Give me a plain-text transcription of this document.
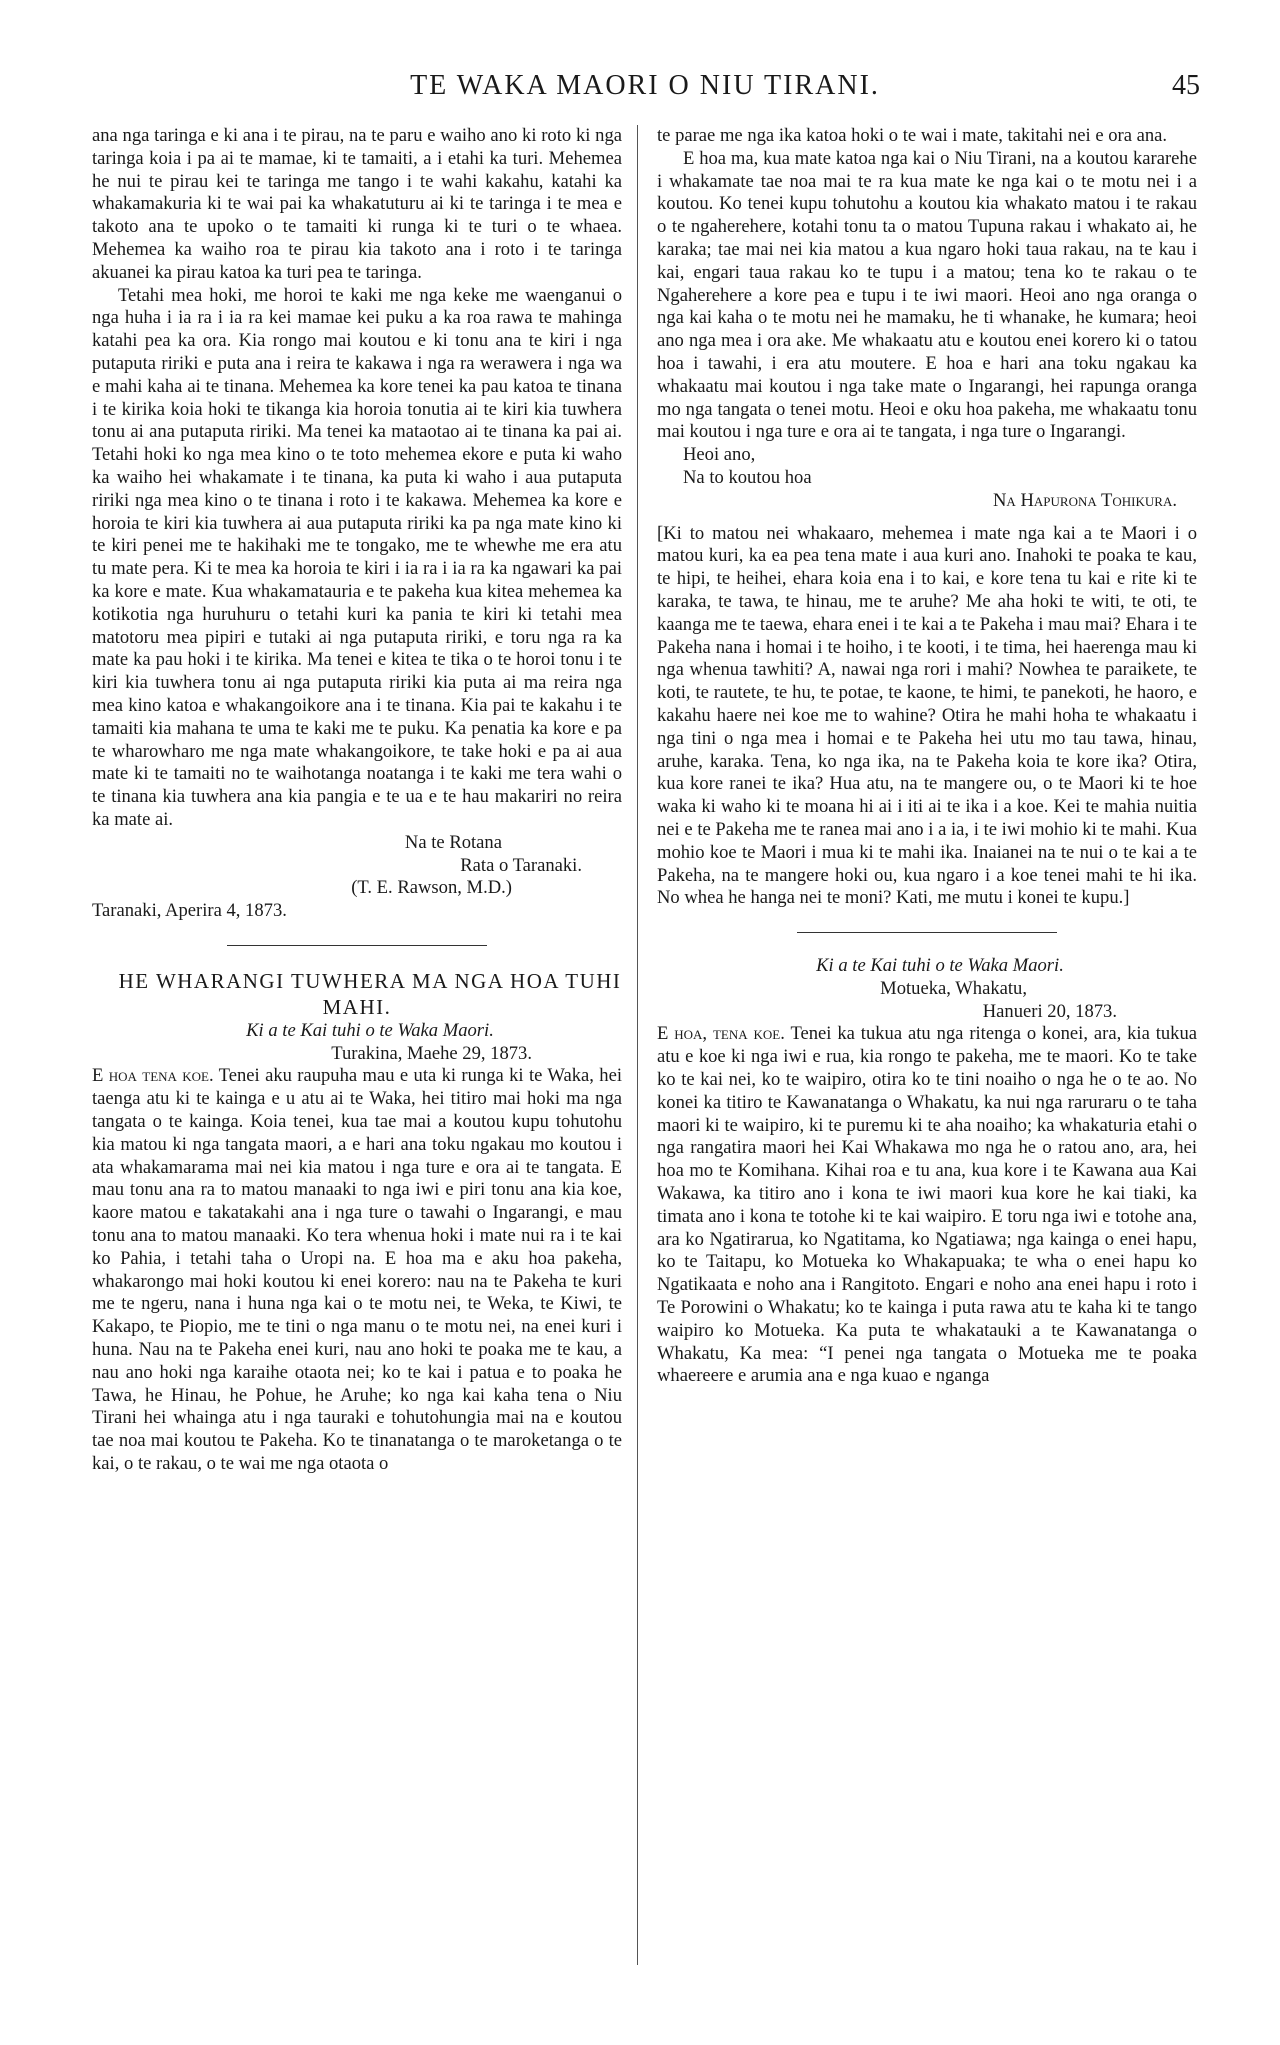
TE WAKA MAORI O NIU TIRANI.	45

ana nga taringa e ki ana i te pirau, na te paru e waiho ano ki roto ki nga taringa koia i pa ai te mamae, ki te tamaiti, a i etahi ka turi. Mehemea he nui te pirau kei te taringa me tango i te wahi kakahu, katahi ka whakamakuria ki te wai pai ka whakatuturu ai ki te taringa i te mea e takoto ana te upoko o te tamaiti ki runga ki te turi o te whaea. Mehemea ka waiho roa te pirau kia takoto ana i roto i te taringa akuanei ka pirau katoa ka turi pea te taringa.

Tetahi mea hoki, me horoi te kaki me nga keke me waenganui o nga huha i ia ra i ia ra kei mamae kei puku a ka roa rawa te mahinga katahi pea ka ora. Kia rongo mai koutou e ki tonu ana te kiri i nga putaputa ririki e puta ana i reira te kakawa i nga ra werawera i nga wa e mahi kaha ai te tinana. Mehemea ka kore tenei ka pau katoa te tinana i te kirika koia hoki te tikanga kia horoia tonutia ai te kiri kia tuwhera tonu ai ana putaputa ririki. Ma tenei ka mataotao ai te tinana ka pai ai. Tetahi hoki ko nga mea kino o te toto mehemea ekore e puta ki waho ka waiho hei whakamate i te tinana, ka puta ki waho i aua putaputa ririki nga mea kino o te tinana i roto i te kakawa. Mehemea ka kore e horoia te kiri kia tuwhera ai aua putaputa ririki ka pa nga mate kino ki te kiri penei me te hakihaki me te tongako, me te whewhe me era atu tu mate pera. Ki te mea ka horoia te kiri i ia ra i ia ra ka ngawari ka pai ka kore e mate. Kua whakamatauria e te pakeha kua kitea mehemea ka kotikotia nga huruhuru o tetahi kuri ka pania te kiri ki tetahi mea matotoru mea pipiri e tutaki ai nga putaputa ririki, e toru nga ra ka mate ka pau hoki i te kirika. Ma tenei e kitea te tika o te horoi tonu i te kiri kia tuwhera tonu ai nga putaputa ririki kia puta ai ma reira nga mea kino katoa e whakangoikore ana i te tinana. Kia pai te kakahu i te tamaiti kia mahana te uma te kaki me te puku. Ka penatia ka kore e pa te wharowharo me nga mate whakangoikore, te take hoki e pa ai aua mate ki te tamaiti no te waihotanga noatanga i te kaki me tera wahi o te tinana kia tuwhera ana kia pangia e te ua e te hau makariri no reira ka mate ai.

Na te Rotana

Rata o Taranaki.

(T. E. Rawson, M.D.)

Taranaki, Aperira 4, 1873.

HE WHARANGI TUWHERA MA NGA HOA TUHI MAHI.

Ki a te Kai tuhi o te Waka Maori.

Turakina, Maehe 29, 1873.

E hoa tena koe. Tenei aku raupuha mau e uta ki runga ki te Waka, hei taenga atu ki te kainga e u atu ai te Waka, hei titiro mai hoki ma nga tangata o te kainga. Koia tenei, kua tae mai a koutou kupu tohutohu kia matou ki nga tangata maori, a e hari ana toku ngakau mo koutou i ata whakamarama mai nei kia matou i nga ture e ora ai te tangata. E mau tonu ana ra to matou manaaki to nga iwi e piri tonu ana kia koe, kaore matou e takatakahi ana i nga ture o tawahi o Ingarangi, e mau tonu ana to matou manaaki. Ko tera whenua hoki i mate nui ra i te kai ko Pahia, i tetahi taha o Uropi na. E hoa ma e aku hoa pakeha, whakarongo mai hoki koutou ki enei korero: nau na te Pakeha te kuri me te ngeru, nana i huna nga kai o te motu nei, te Weka, te Kiwi, te Kakapo, te Piopio, me te tini o nga manu o te motu nei, na enei kuri i huna. Nau na te Pakeha enei kuri, nau ano hoki te poaka me te kau, a nau ano hoki nga karaihe otaota nei; ko te kai i patua e to poaka he Tawa, he Hinau, he Pohue, he Aruhe; ko nga kai kaha tena o Niu Tirani hei whainga atu i nga tauraki e tohutohungia mai na e koutou tae noa mai koutou te Pakeha. Ko te tinanatanga o te maroketanga o te kai, o te rakau, o te wai me nga otaota o

te parae me nga ika katoa hoki o te wai i mate, takitahi nei e ora ana.

E hoa ma, kua mate katoa nga kai o Niu Tirani, na a koutou kararehe i whakamate tae noa mai te ra kua mate ke nga kai o te motu nei i a koutou. Ko tenei kupu tohutohu a koutou kia whakato matou i te rakau o te ngaherehere, kotahi tonu ta o matou Tupuna rakau i whakato ai, he karaka; tae mai nei kia matou a kua ngaro hoki taua rakau, na te kau i kai, engari taua rakau ko te tupu i a matou; tena ko te rakau o te Ngaherehere a kore pea e tupu i te iwi maori. Heoi ano nga oranga o nga kai kaha o te motu nei he mamaku, he ti whanake, he kumara; heoi ano nga mea i ora ake. Me whakaatu atu e koutou enei korero ki o tatou hoa i tawahi, i era atu moutere. E hoa e hari ana toku ngakau ka whakaatu mai koutou i nga take mate o Ingarangi, hei rapunga oranga mo nga tangata o tenei motu. Heoi e oku hoa pakeha, me whakaatu tonu mai koutou i nga ture e ora ai te tangata, i nga ture o Ingarangi.

Heoi ano,

Na to koutou hoa

Na Hapurona Tohikura.

[Ki to matou nei whakaaro, mehemea i mate nga kai a te Maori i o matou kuri, ka ea pea tena mate i aua kuri ano. Inahoki te poaka te kau, te hipi, te heihei, ehara koia ena i to kai, e kore tena tu kai e rite ki te karaka, te tawa, te hinau, me te aruhe? Me aha hoki te witi, te oti, te kaanga me te taewa, ehara enei i te kai a te Pakeha i mau mai? Ehara i te Pakeha nana i homai i te hoiho, i te kooti, i te tima, hei haerenga mau ki nga whenua tawhiti? A, nawai nga rori i mahi? Nowhea te paraikete, te koti, te rautete, te hu, te potae, te kaone, te himi, te panekoti, he haoro, e kakahu haere nei koe me to wahine? Otira he mahi hoha te whakaatu i nga tini o nga mea i homai e te Pakeha hei utu mo tau tawa, hinau, aruhe, karaka. Tena, ko nga ika, na te Pakeha koia te kore ika? Otira, kua kore ranei te ika? Hua atu, na te mangere ou, o te Maori ki te hoe waka ki waho ki te moana hi ai i iti ai te ika i a koe. Kei te mahia nuitia nei e te Pakeha me te ranea mai ano i a ia, i te iwi mohio ki te mahi. Kua mohio koe te Maori i mua ki te mahi ika. Inaianei na te nui o te kai a te Pakeha, na te mangere hoki ou, kua ngaro i a koe tenei mahi te hi ika. No whea he hanga nei te moni? Kati, me mutu i konei te kupu.]

Ki a te Kai tuhi o te Waka Maori.

Motueka, Whakatu,

Hanueri 20, 1873.

E hoa, tena koe. Tenei ka tukua atu nga ritenga o konei, ara, kia tukua atu e koe ki nga iwi e rua, kia rongo te pakeha, me te maori. Ko te take ko te kai nei, ko te waipiro, otira ko te tini noaiho o nga he o te ao. No konei ka titiro te Kawanatanga o Whakatu, ka nui nga raruraru o te taha maori ki te waipiro, ki te puremu ki te aha noaiho; ka whakaturia etahi o nga rangatira maori hei Kai Whakawa mo nga he o ratou ano, ara, hei hoa mo te Komihana. Kihai roa e tu ana, kua kore i te Kawana aua Kai Wakawa, ka titiro ano i kona te iwi maori kua kore he kai tiaki, ka timata ano i kona te totohe ki te kai waipiro. E toru nga iwi e totohe ana, ara ko Ngatirarua, ko Ngatitama, ko Ngatiawa; nga kainga o enei hapu, ko te Taitapu, ko Motueka ko Whakapuaka; te wha o enei hapu ko Ngatikaata e noho ana i Rangitoto. Engari e noho ana enei hapu i roto i Te Porowini o Whakatu; ko te kainga i puta rawa atu te kaha ki te tango waipiro ko Motueka. Ka puta te whakatauki a te Kawanatanga o Whakatu, Ka mea: “I penei nga tangata o Motueka me te poaka whaereere e arumia ana e nga kuao e nganga
